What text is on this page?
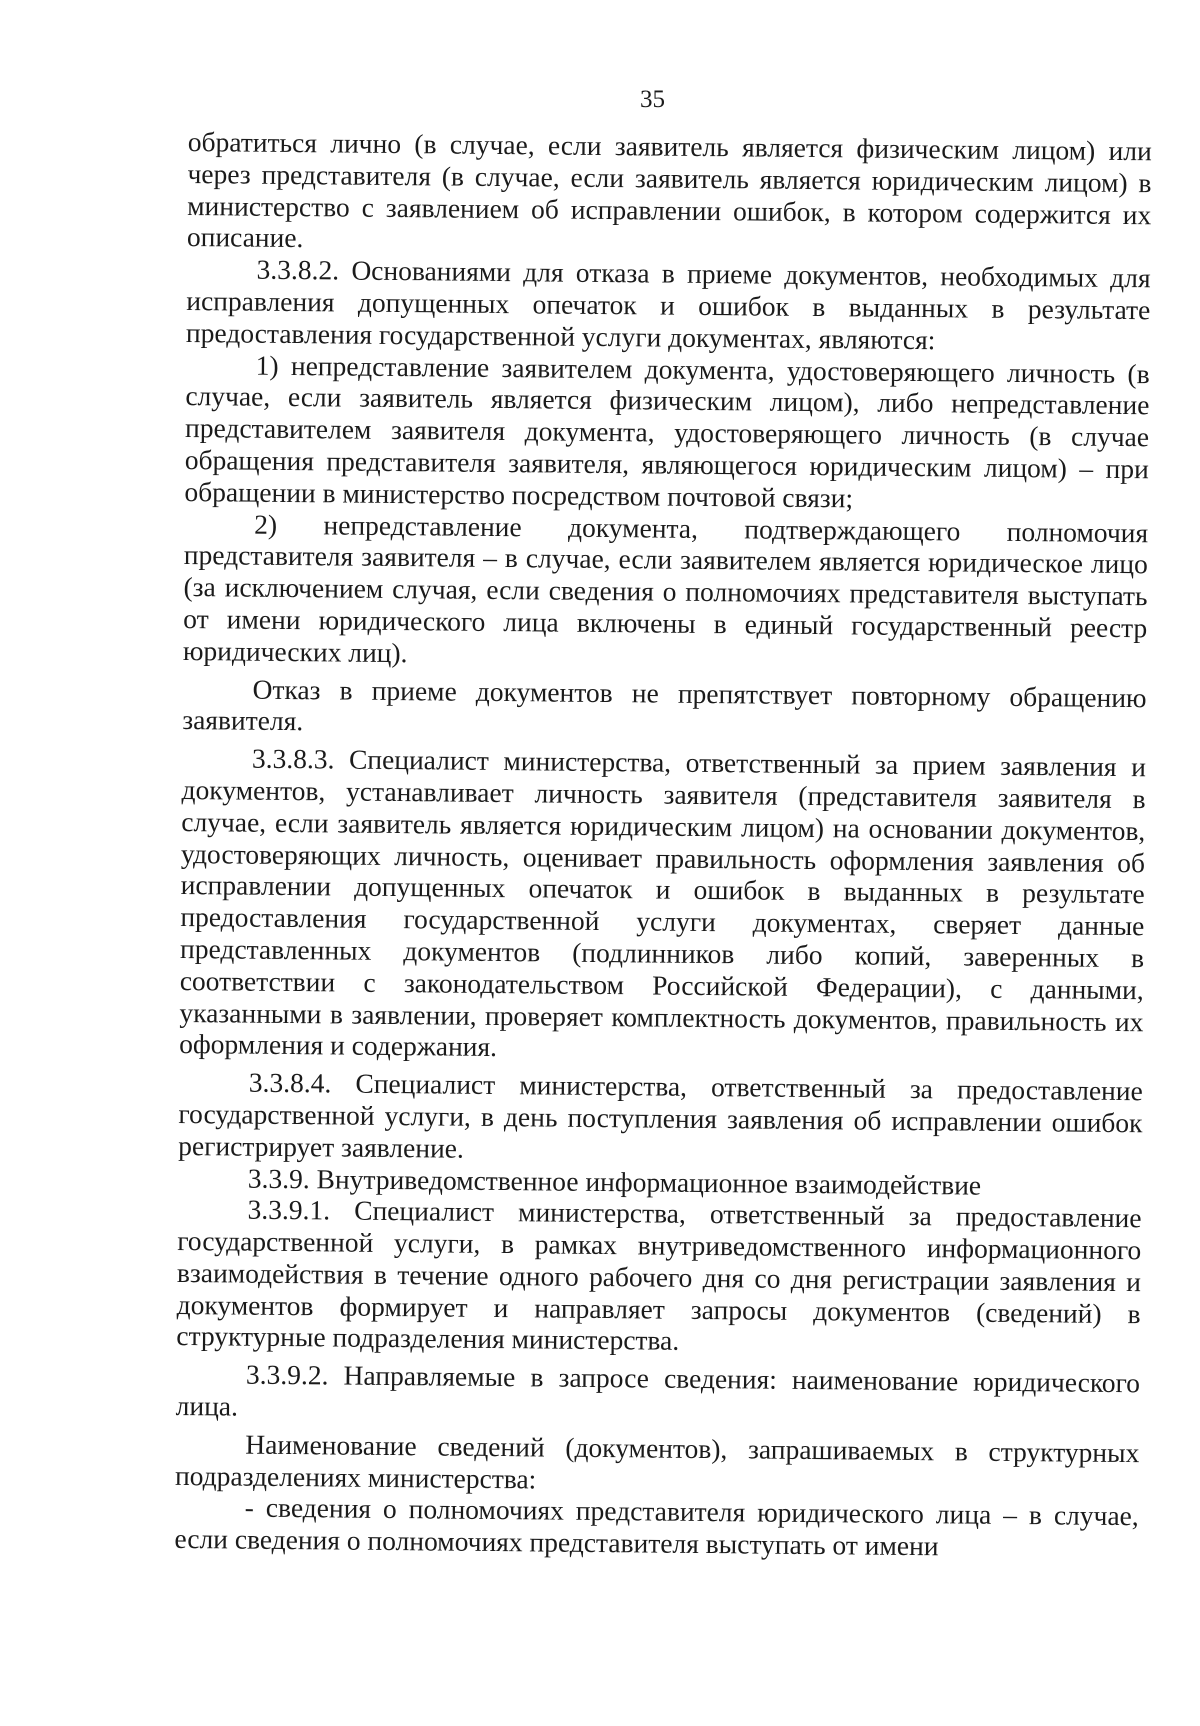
35

обратиться лично (в случае, если заявитель является физическим лицом) или через представителя (в случае, если заявитель является юридическим лицом) в министерство с заявлением об исправлении ошибок, в котором содержится их описание.

3.3.8.2. Основаниями для отказа в приеме документов, необходимых для исправления допущенных опечаток и ошибок в выданных в результате предоставления государственной услуги документах, являются:

1) непредставление заявителем документа, удостоверяющего личность (в случае, если заявитель является физическим лицом), либо непредставление представителем заявителя документа, удостоверяющего личность (в случае обращения представителя заявителя, являющегося юридическим лицом) – при обращении в министерство посредством почтовой связи;

2) непредставление документа, подтверждающего полномочия представителя заявителя – в случае, если заявителем является юридическое лицо (за исключением случая, если сведения о полномочиях представителя выступать от имени юридического лица включены в единый государственный реестр юридических лиц).

Отказ в приеме документов не препятствует повторному обращению заявителя.

3.3.8.3. Специалист министерства, ответственный за прием заявления и документов, устанавливает личность заявителя (представителя заявителя в случае, если заявитель является юридическим лицом) на основании документов, удостоверяющих личность, оценивает правильность оформления заявления об исправлении допущенных опечаток и ошибок в выданных в результате предоставления государственной услуги документах, сверяет данные представленных документов (подлинников либо копий, заверенных в соответствии с законодательством Российской Федерации), с данными, указанными в заявлении, проверяет комплектность документов, правильность их оформления и содержания.

3.3.8.4. Специалист министерства, ответственный за предоставление государственной услуги, в день поступления заявления об исправлении ошибок регистрирует заявление.

3.3.9. Внутриведомственное информационное взаимодействие

3.3.9.1. Специалист министерства, ответственный за предоставление государственной услуги, в рамках внутриведомственного информационного взаимодействия в течение одного рабочего дня со дня регистрации заявления и документов формирует и направляет запросы документов (сведений) в структурные подразделения министерства.

3.3.9.2. Направляемые в запросе сведения: наименование юридического лица.

Наименование сведений (документов), запрашиваемых в структурных подразделениях министерства:

- сведения о полномочиях представителя юридического лица – в случае, если сведения о полномочиях представителя выступать от имени
